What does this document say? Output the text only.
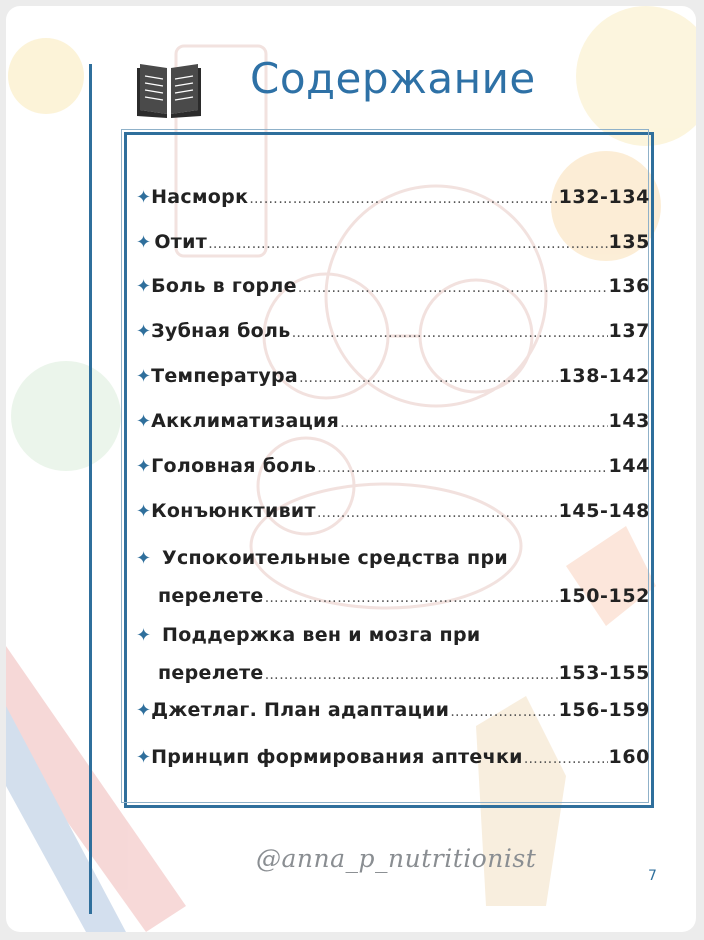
Содержание
✦ Насморк ………………………………………………………………………………………………………	132-134
✦ Отит ………………………………………………………………………………………………………	135
✦ Боль в горле ………………………………………………………………………………………………………	136
✦ Зубная боль ………………………………………………………………………………………………………	137
✦ Температура ………………………………………………………………………………………………………	138-142
✦ Акклиматизация ………………………………………………………………………………………………………	143
✦ Головная боль ………………………………………………………………………………………………………	144
✦ Конъюнктивит ………………………………………………………………………………………………………	145-148
✦ Успокоительные средства при
перелете ………………………………………………………………………………………………………	150-152
✦ Поддержка вен и мозга при
перелете ………………………………………………………………………………………………………	153-155
✦ Джетлаг. План адаптации ………………………………………………………………………………………………………	156-159
✦ Принцип формирования аптечки ………………………………………………………………………………………………………	160
@anna_p_nutritionist
7
